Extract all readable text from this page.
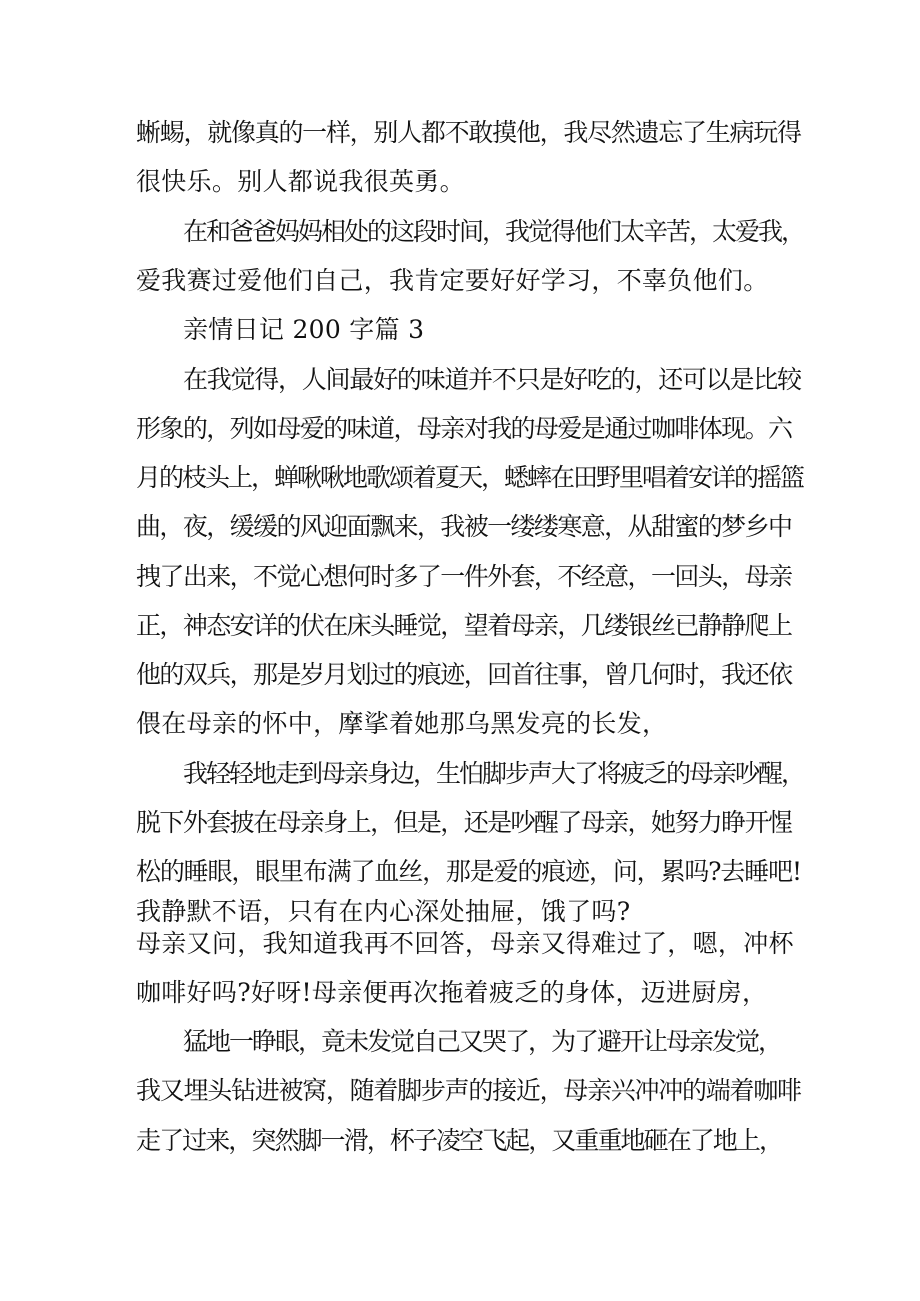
蜥蜴，就像真的一样，别人都不敢摸他，我尽然遗忘了生病玩得
很快乐。别人都说我很英勇。
在和爸爸妈妈相处的这段时间，我觉得他们太辛苦，太爱我，
爱我赛过爱他们自己，我肯定要好好学习，不辜负他们。
亲情日记 200 字篇 3
在我觉得，人间最好的味道并不只是好吃的，还可以是比较
形象的，列如母爱的味道，母亲对我的母爱是通过咖啡体现。六
月的枝头上，蝉啾啾地歌颂着夏天，蟋蟀在田野里唱着安详的摇篮
曲，夜，缓缓的风迎面飘来，我被一缕缕寒意，从甜蜜的梦乡中
拽了出来，不觉心想何时多了一件外套，不经意，一回头，母亲
正，神态安详的伏在床头睡觉，望着母亲，几缕银丝已静静爬上
他的双兵，那是岁月划过的痕迹，回首往事，曾几何时，我还依
偎在母亲的怀中，摩挲着她那乌黑发亮的长发，
我轻轻地走到母亲身边，生怕脚步声大了将疲乏的母亲吵醒，
脱下外套披在母亲身上，但是，还是吵醒了母亲，她努力睁开惺
松的睡眼，眼里布满了血丝，那是爱的痕迹，问，累吗?去睡吧!
我静默不语，只有在内心深处抽屉，饿了吗?
母亲又问，我知道我再不回答，母亲又得难过了，嗯，冲杯
咖啡好吗?好呀!母亲便再次拖着疲乏的身体，迈进厨房，
猛地一睁眼，竟未发觉自己又哭了，为了避开让母亲发觉，
我又埋头钻进被窝，随着脚步声的接近，母亲兴冲冲的端着咖啡
走了过来，突然脚一滑，杯子凌空飞起，又重重地砸在了地上，
